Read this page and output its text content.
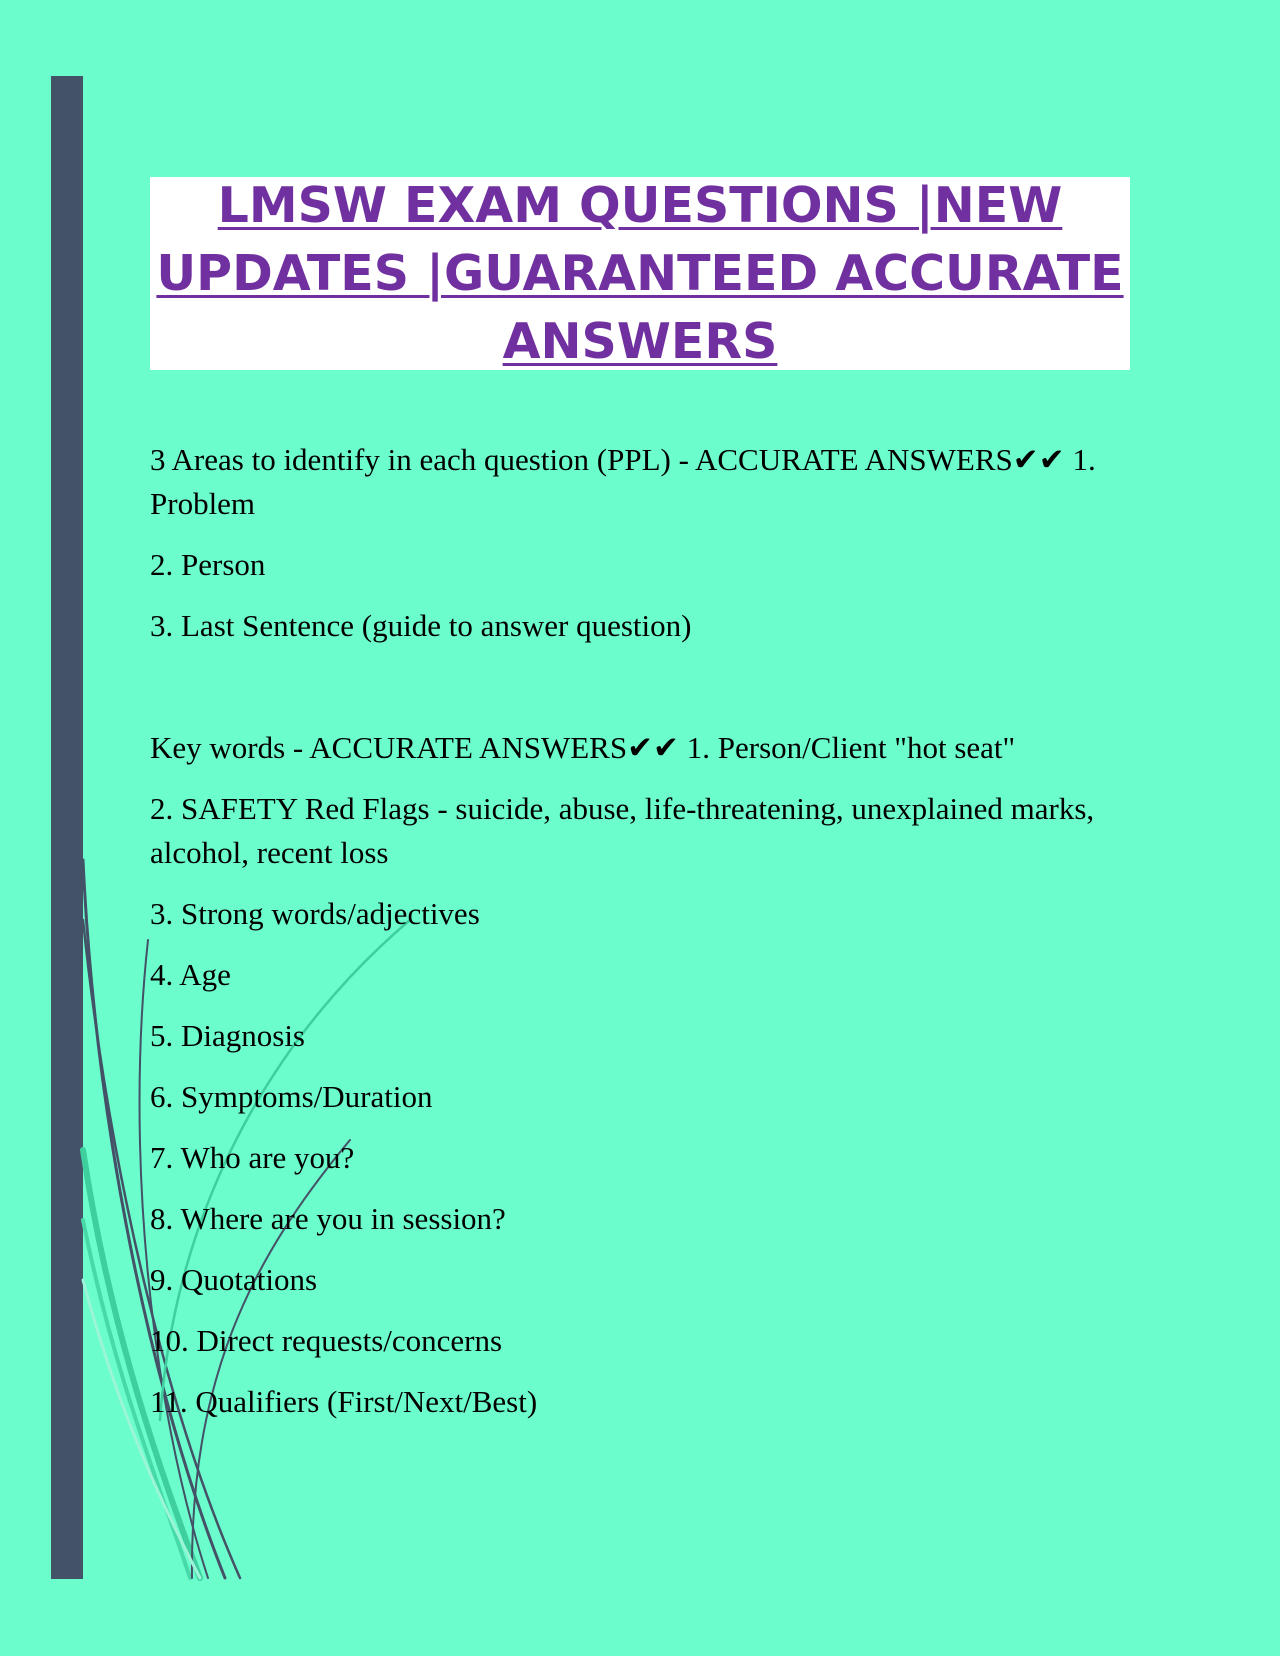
LMSW EXAM QUESTIONS |NEW UPDATES |GUARANTEED ACCURATE ANSWERS

3 Areas to identify in each question (PPL) - ACCURATE ANSWERS✔✔ 1. Problem

2. Person

3. Last Sentence (guide to answer question)

Key words - ACCURATE ANSWERS✔✔ 1. Person/Client "hot seat"

2. SAFETY Red Flags - suicide, abuse, life-threatening, unexplained marks, alcohol, recent loss

3. Strong words/adjectives

4. Age

5. Diagnosis

6. Symptoms/Duration

7. Who are you?

8. Where are you in session?

9. Quotations

10. Direct requests/concerns

11. Qualifiers (First/Next/Best)
